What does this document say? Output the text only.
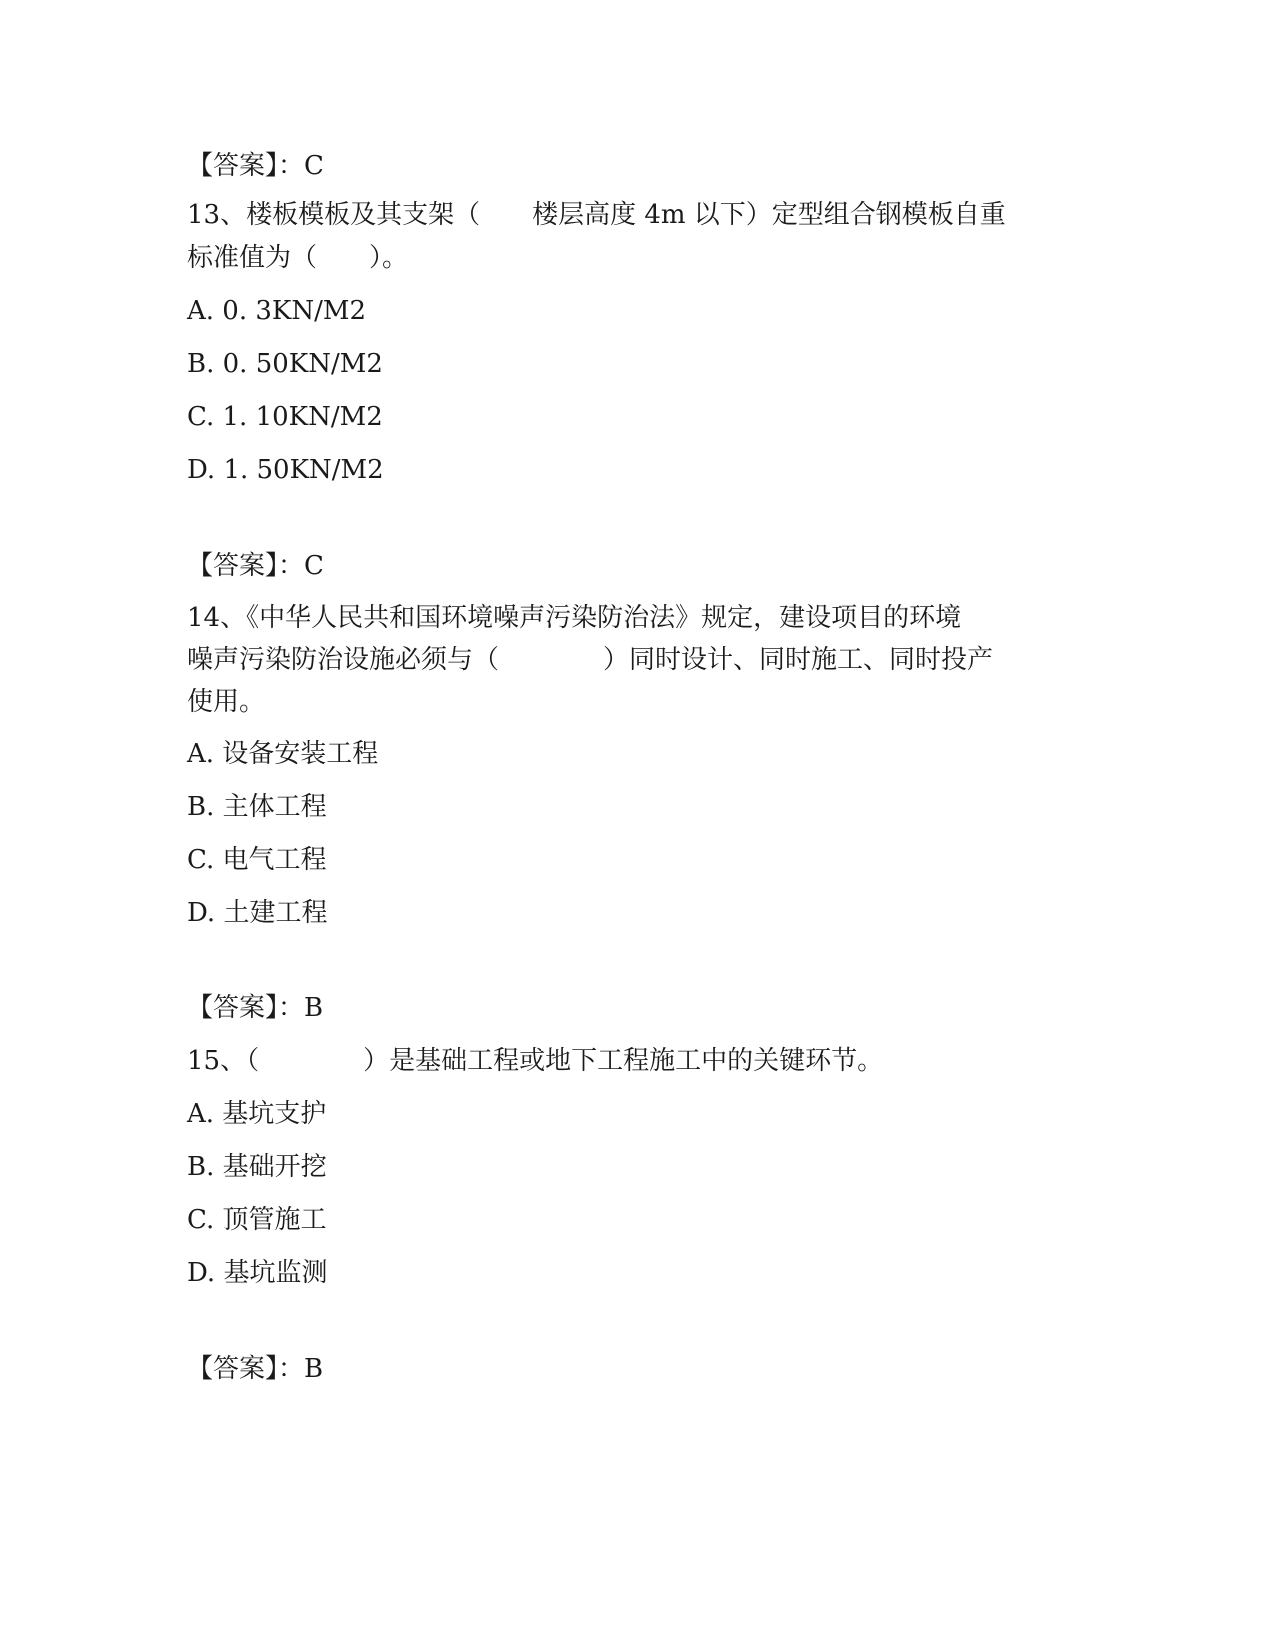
【答案】：C
13、楼板模板及其支架（　　楼层高度 4m 以下）定型组合钢模板自重
标准值为（　　）。
A. 0. 3KN/M2
B. 0. 50KN/M2
C. 1. 10KN/M2
D. 1. 50KN/M2
【答案】：C
14、《中华人民共和国环境噪声污染防治法》规定，建设项目的环境
噪声污染防治设施必须与（　　　　）同时设计、同时施工、同时投产
使用。
A. 设备安装工程
B. 主体工程
C. 电气工程
D. 土建工程
【答案】：B
15、（　　　　）是基础工程或地下工程施工中的关键环节。
A. 基坑支护
B. 基础开挖
C. 顶管施工
D. 基坑监测
【答案】：B
